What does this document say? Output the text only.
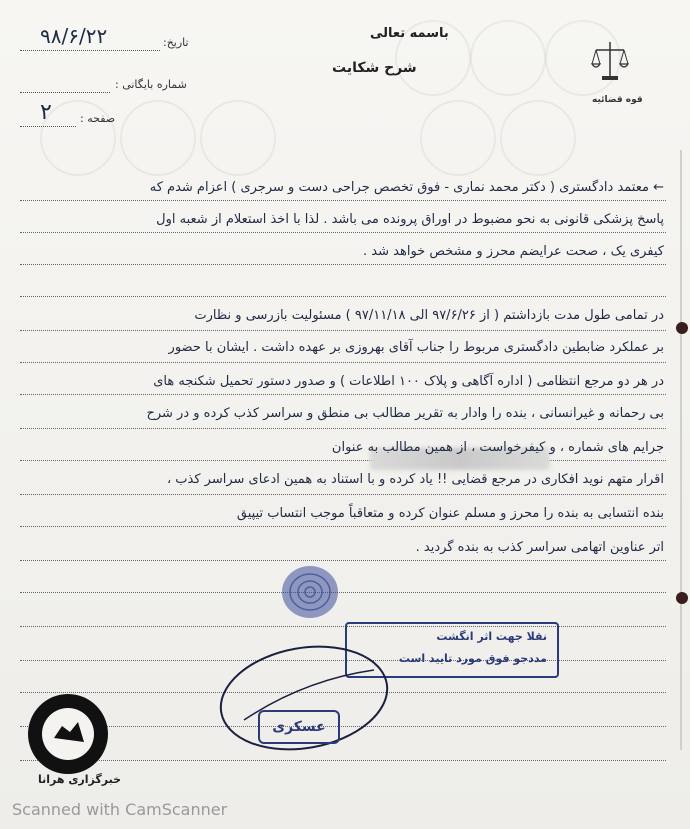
تاریخ:
۹۸/۶/۲۲
شماره بایگانی :
صفحه :
۲
باسمه تعالی
شرح شکایت
قوه قضائیه
← معتمد دادگستری ( دکتر محمد نماری - فوق تخصص جراحی دست و سرجری ) اعزام شدم که
پاسخ پزشکی قانونی به نحو مضبوط در اوراق پرونده می باشد . لذا با اخذ استعلام از شعبه اول
کیفری یک ، صحت عرایضم محرز و مشخص خواهد شد .
در تمامی طول مدت بازداشتم ( از ۹۷/۶/۲۶ الی ۹۷/۱۱/۱۸ ) مسئولیت بازرسی و نظارت
بر عملکرد ضابطین دادگستری مربوط را جناب آقای بهروزی بر عهده داشت . ایشان با حضور
در هر دو مرجع انتظامی ( اداره آگاهی و پلاک ۱۰۰ اطلاعات ) و صدور دستور تحمیل شکنجه های
بی رحمانه و غیرانسانی ، بنده را وادار به تقریر مطالب بی منطق و سراسر کذب کرده و در شرح
جرایم های شماره ، و کیفرخواست ، از همین مطالب به عنوان
اقرار متهم نوید افکاری در مرجع قضایی !! یاد کرده و با استناد به همین ادعای سراسر کذب ،
بنده انتسابی به بنده را محرز و مسلم عنوان کرده و متعاقباً موجب انتساب تیپیق
اتر عناوین اتهامی سراسر کذب به بنده گردید .
نقلا جهت اثر انگشت
مددجو فوق مورد تایید است
عسکری
خبرگزاری هرانا
Scanned with CamScanner
